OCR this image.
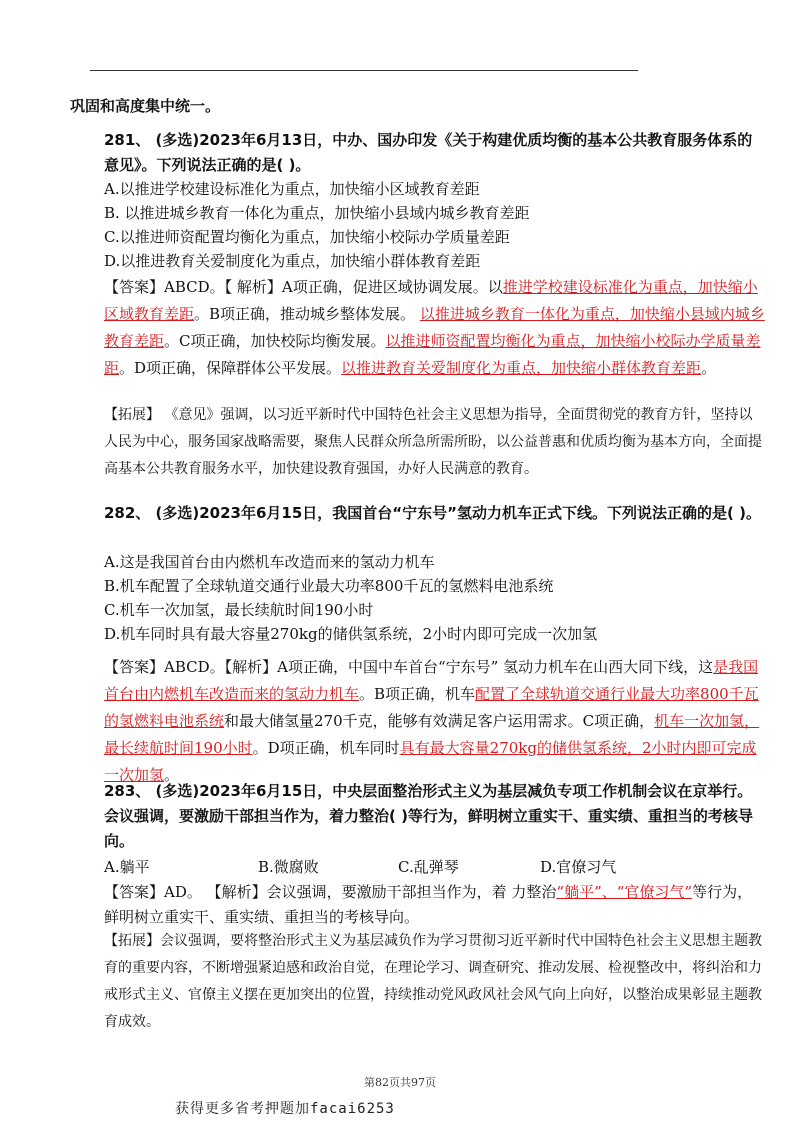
巩固和高度集中统一。

281、 (多选)2023年6月13日，中办、国办印发《关于构建优质均衡的基本公共教育服务体系的意见》。下列说法正确的是( )。

A.以推进学校建设标准化为重点，加快缩小区域教育差距

B. 以推进城乡教育一体化为重点，加快缩小县域内城乡教育差距

C.以推进师资配置均衡化为重点，加快缩小校际办学质量差距

D.以推进教育关爱制度化为重点，加快缩小群体教育差距

【答案】ABCD。【 解析】A项正确，促进区域协调发展。以推进学校建设标准化为重点，加快缩小区域教育差距。B项正确，推动城乡整体发展。 以推进城乡教育一体化为重点，加快缩小县域内城乡教育差距。C项正确，加快校际均衡发展。以推进师资配置均衡化为重点，加快缩小校际办学质量差距。D项正确，保障群体公平发展。以推进教育关爱制度化为重点，加快缩小群体教育差距。

【拓展】 《意见》强调，以习近平新时代中国特色社会主义思想为指导，全面贯彻党的教育方针，坚持以人民为中心，服务国家战略需要，聚焦人民群众所急所需所盼，以公益普惠和优质均衡为基本方向，全面提高基本公共教育服务水平，加快建设教育强国，办好人民满意的教育。

282、 (多选)2023年6月15日，我国首台“宁东号”氢动力机车正式下线。下列说法正确的是( )。

A.这是我国首台由内燃机车改造而来的氢动力机车

B.机车配置了全球轨道交通行业最大功率800千瓦的氢燃料电池系统

C.机车一次加氢，最长续航时间190小时

D.机车同时具有最大容量270kg的储供氢系统，2小时内即可完成一次加氢

【答案】ABCD。【解析】A项正确，中国中车首台“宁东号” 氢动力机车在山西大同下线，这是我国首台由内燃机车改造而来的氢动力机车。B项正确，机车配置了全球轨道交通行业最大功率800千瓦的氢燃料电池系统和最大储氢量270千克，能够有效满足客户运用需求。C项正确，机车一次加氢，最长续航时间190小时。D项正确，机车同时具有最大容量270kg的储供氢系统，2小时内即可完成一次加氢。

283、 (多选)2023年6月15日，中央层面整治形式主义为基层减负专项工作机制会议在京举行。会议强调，要激励干部担当作为，着力整治( )等行为，鲜明树立重实干、重实绩、重担当的考核导向。

A.躺平	B.微腐败	C.乱弹琴	D.官僚习气

【答案】AD。 【解析】会议强调，要激励干部担当作为，着 力整治“躺平”、“官僚习气”等行为，鲜明树立重实干、重实绩、重担当的考核导向。

【拓展】会议强调，要将整治形式主义为基层减负作为学习贯彻习近平新时代中国特色社会主义思想主题教育的重要内容，不断增强紧迫感和政治自觉，在理论学习、调查研究、推动发展、检视整改中，将纠治和力戒形式主义、官僚主义摆在更加突出的位置，持续推动党风政风社会风气向上向好，以整治成果彰显主题教育成效。

第82页共97页
获得更多省考押题加facai6253
